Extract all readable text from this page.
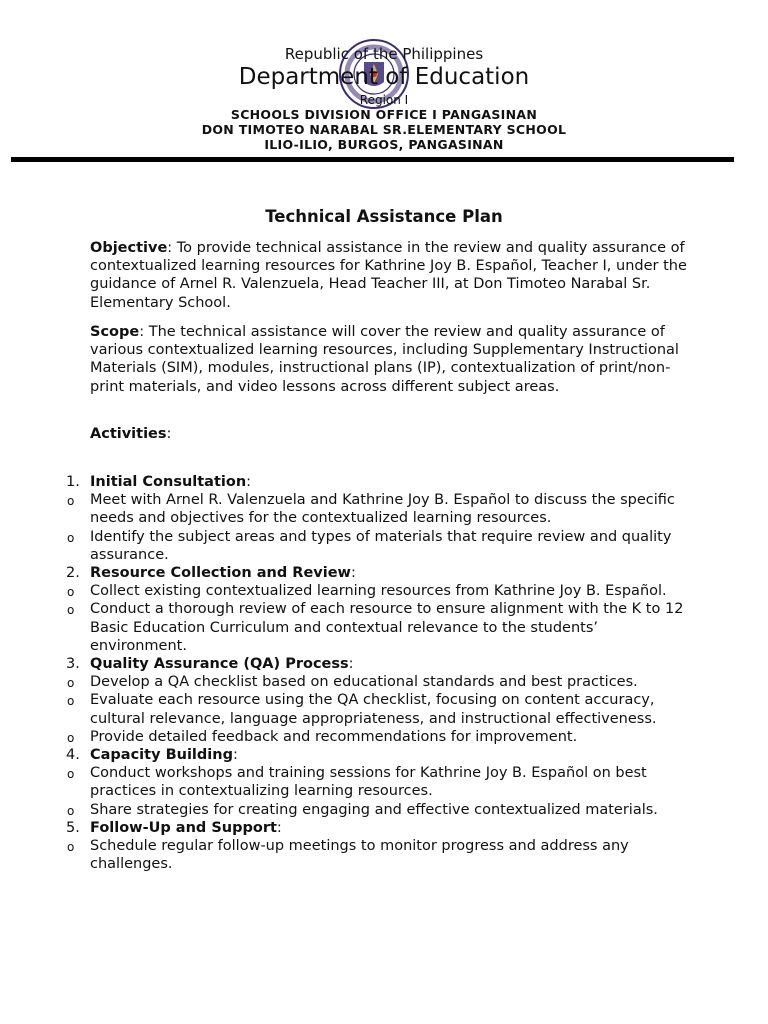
Republic of the Philippines
Department of Education
Region I
SCHOOLS DIVISION OFFICE I PANGASINAN
DON TIMOTEO NARABAL SR.ELEMENTARY SCHOOL
ILIO-ILIO, BURGOS, PANGASINAN
Technical Assistance Plan
Objective: To provide technical assistance in the review and quality assurance of contextualized learning resources for Kathrine Joy B. Español, Teacher I, under the guidance of Arnel R. Valenzuela, Head Teacher III, at Don Timoteo Narabal Sr. Elementary School.
Scope: The technical assistance will cover the review and quality assurance of various contextualized learning resources, including Supplementary Instructional Materials (SIM), modules, instructional plans (IP), contextualization of print/non-print materials, and video lessons across different subject areas.
Activities:
1. Initial Consultation:
o Meet with Arnel R. Valenzuela and Kathrine Joy B. Español to discuss the specific needs and objectives for the contextualized learning resources.
o Identify the subject areas and types of materials that require review and quality assurance.
2. Resource Collection and Review:
o Collect existing contextualized learning resources from Kathrine Joy B. Español.
o Conduct a thorough review of each resource to ensure alignment with the K to 12 Basic Education Curriculum and contextual relevance to the students’ environment.
3. Quality Assurance (QA) Process:
o Develop a QA checklist based on educational standards and best practices.
o Evaluate each resource using the QA checklist, focusing on content accuracy, cultural relevance, language appropriateness, and instructional effectiveness.
o Provide detailed feedback and recommendations for improvement.
4. Capacity Building:
o Conduct workshops and training sessions for Kathrine Joy B. Español on best practices in contextualizing learning resources.
o Share strategies for creating engaging and effective contextualized materials.
5. Follow-Up and Support:
o Schedule regular follow-up meetings to monitor progress and address any challenges.
